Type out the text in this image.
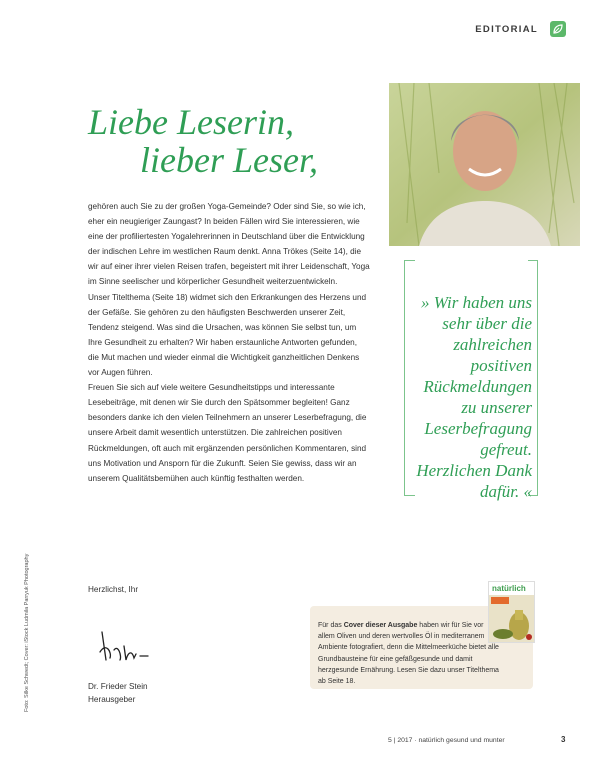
EDITORIAL
Liebe Leserin,
lieber Leser,

gehören auch Sie zu der großen Yoga-Gemeinde? Oder sind Sie, so wie ich, eher ein neugieriger Zaungast? In beiden Fällen wird Sie interessieren, wie eine der profiliertesten Yogalehrerinnen in Deutschland über die Entwicklung der indischen Lehre im westlichen Raum denkt. Anna Trökes (Seite 14), die wir auf einer ihrer vielen Reisen trafen, begeistert mit ihrer Leidenschaft, Yoga im Sinne seelischer und körperlicher Gesundheit weiterzuentwickeln.

Unser Titelthema (Seite 18) widmet sich den Erkrankungen des Herzens und der Gefäße. Sie gehören zu den häufigsten Beschwerden unserer Zeit, Tendenz steigend. Was sind die Ursachen, was können Sie selbst tun, um Ihre Gesundheit zu erhalten? Wir haben erstaunliche Antworten gefunden, die Mut machen und wieder einmal die Wichtigkeit ganzheitlichen Denkens vor Augen führen.

Freuen Sie sich auf viele weitere Gesundheitstipps und interessante Lesebeiträge, mit denen wir Sie durch den Spätsommer begleiten! Ganz besonders danke ich den vielen Teilnehmern an unserer Leserbefragung, die unsere Arbeit damit wesentlich unterstützen. Die zahlreichen positiven Rückmeldungen, oft auch mit ergänzenden persönlichen Kommentaren, sind uns Motivation und Ansporn für die Zukunft. Seien Sie gewiss, dass wir an unserem Qualitätsbemühen auch künftig festhalten werden.

Herzlichst, Ihr
Dr. Frieder Stein
Herausgeber
Foto: Silke Schwedt; Cover: iStock Ludmila Parryuk Photography
» Wir haben uns sehr über die zahlreichen positiven Rückmeldungen zu unserer Leserbefragung gefreut. Herzlichen Dank dafür. «
Für das Cover dieser Ausgabe haben wir für Sie vor allem Oliven und deren wertvolles Öl in mediterranem Ambiente fotografiert, denn die Mittelmeerküche bietet alle Grundbausteine für eine gefäßgesunde und damit herzgesunde Ernährung. Lesen Sie dazu unser Titelthema ab Seite 18.
natürlich
5 | 2017 · natürlich gesund und munter	3
